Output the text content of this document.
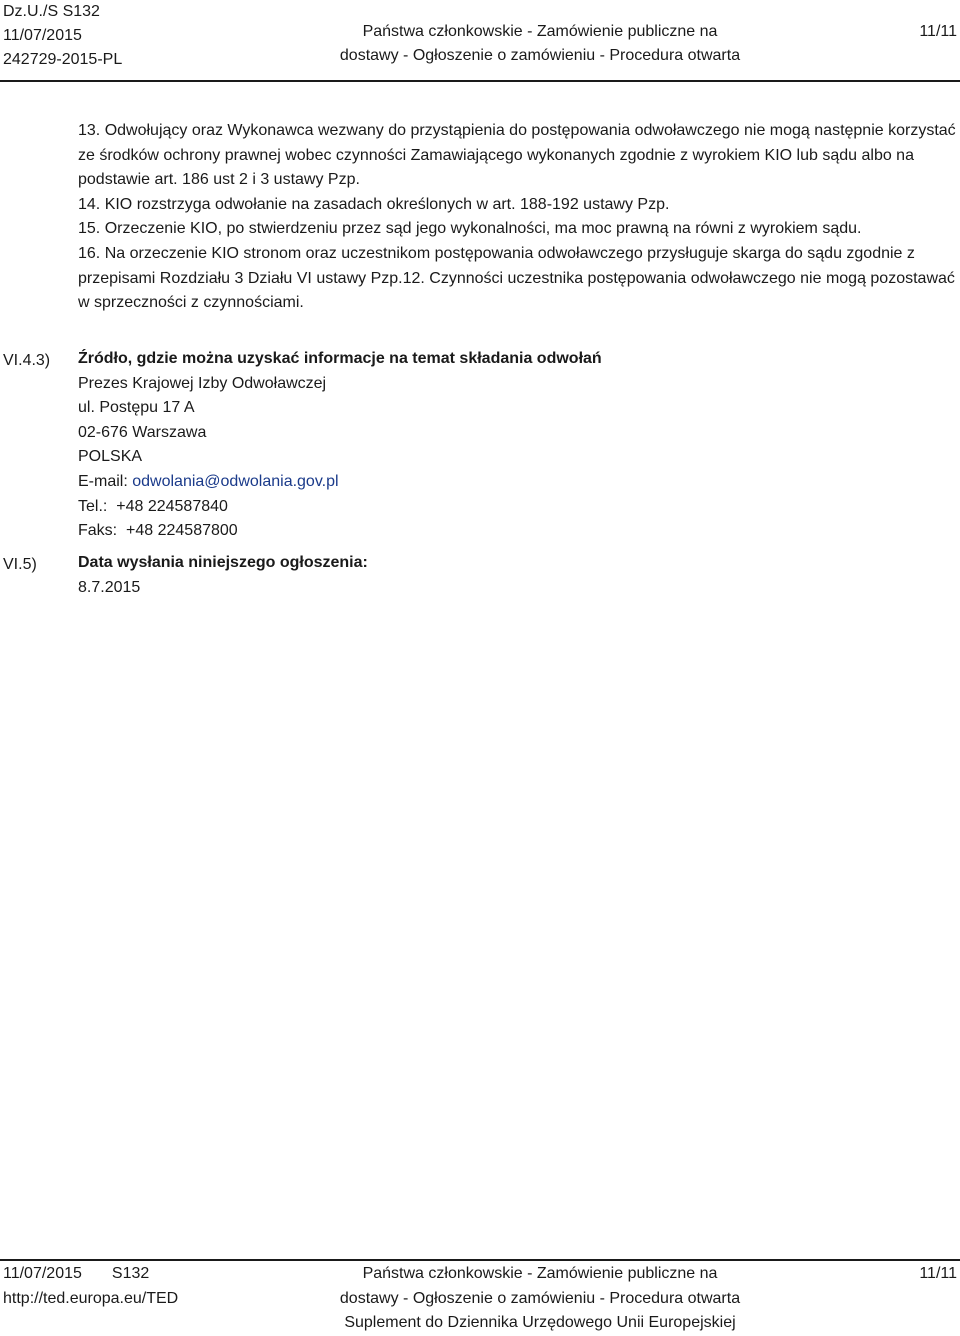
Dz.U./S S132
11/07/2015
242729-2015-PL
Państwa członkowskie - Zamówienie publiczne na
dostawy - Ogłoszenie o zamówieniu - Procedura otwarta
11/11

13. Odwołujący oraz Wykonawca wezwany do przystąpienia do postępowania odwoławczego nie mogą następnie korzystać ze środków ochrony prawnej wobec czynności Zamawiającego wykonanych zgodnie z wyrokiem KIO lub sądu albo na podstawie art. 186 ust 2 i 3 ustawy Pzp.

14. KIO rozstrzyga odwołanie na zasadach określonych w art. 188-192 ustawy Pzp.

15. Orzeczenie KIO, po stwierdzeniu przez sąd jego wykonalności, ma moc prawną na równi z wyrokiem sądu.

16. Na orzeczenie KIO stronom oraz uczestnikom postępowania odwoławczego przysługuje skarga do sądu zgodnie z przepisami Rozdziału 3 Działu VI ustawy Pzp.12. Czynności uczestnika postępowania odwoławczego nie mogą pozostawać w sprzeczności z czynnościami.

VI.4.3) Źródło, gdzie można uzyskać informacje na temat składania odwołań

Prezes Krajowej Izby Odwoławczej

ul. Postępu 17 A

02-676 Warszawa

POLSKA

E-mail: odwolania@odwolania.gov.pl

Tel.: +48 224587840

Faks: +48 224587800

VI.5)	Data wysłania niniejszego ogłoszenia:

8.7.2015

11/07/2015 S132
http://ted.europa.eu/TED
Państwa członkowskie - Zamówienie publiczne na
dostawy - Ogłoszenie o zamówieniu - Procedura otwarta
Suplement do Dziennika Urzędowego Unii Europejskiej
11/11
